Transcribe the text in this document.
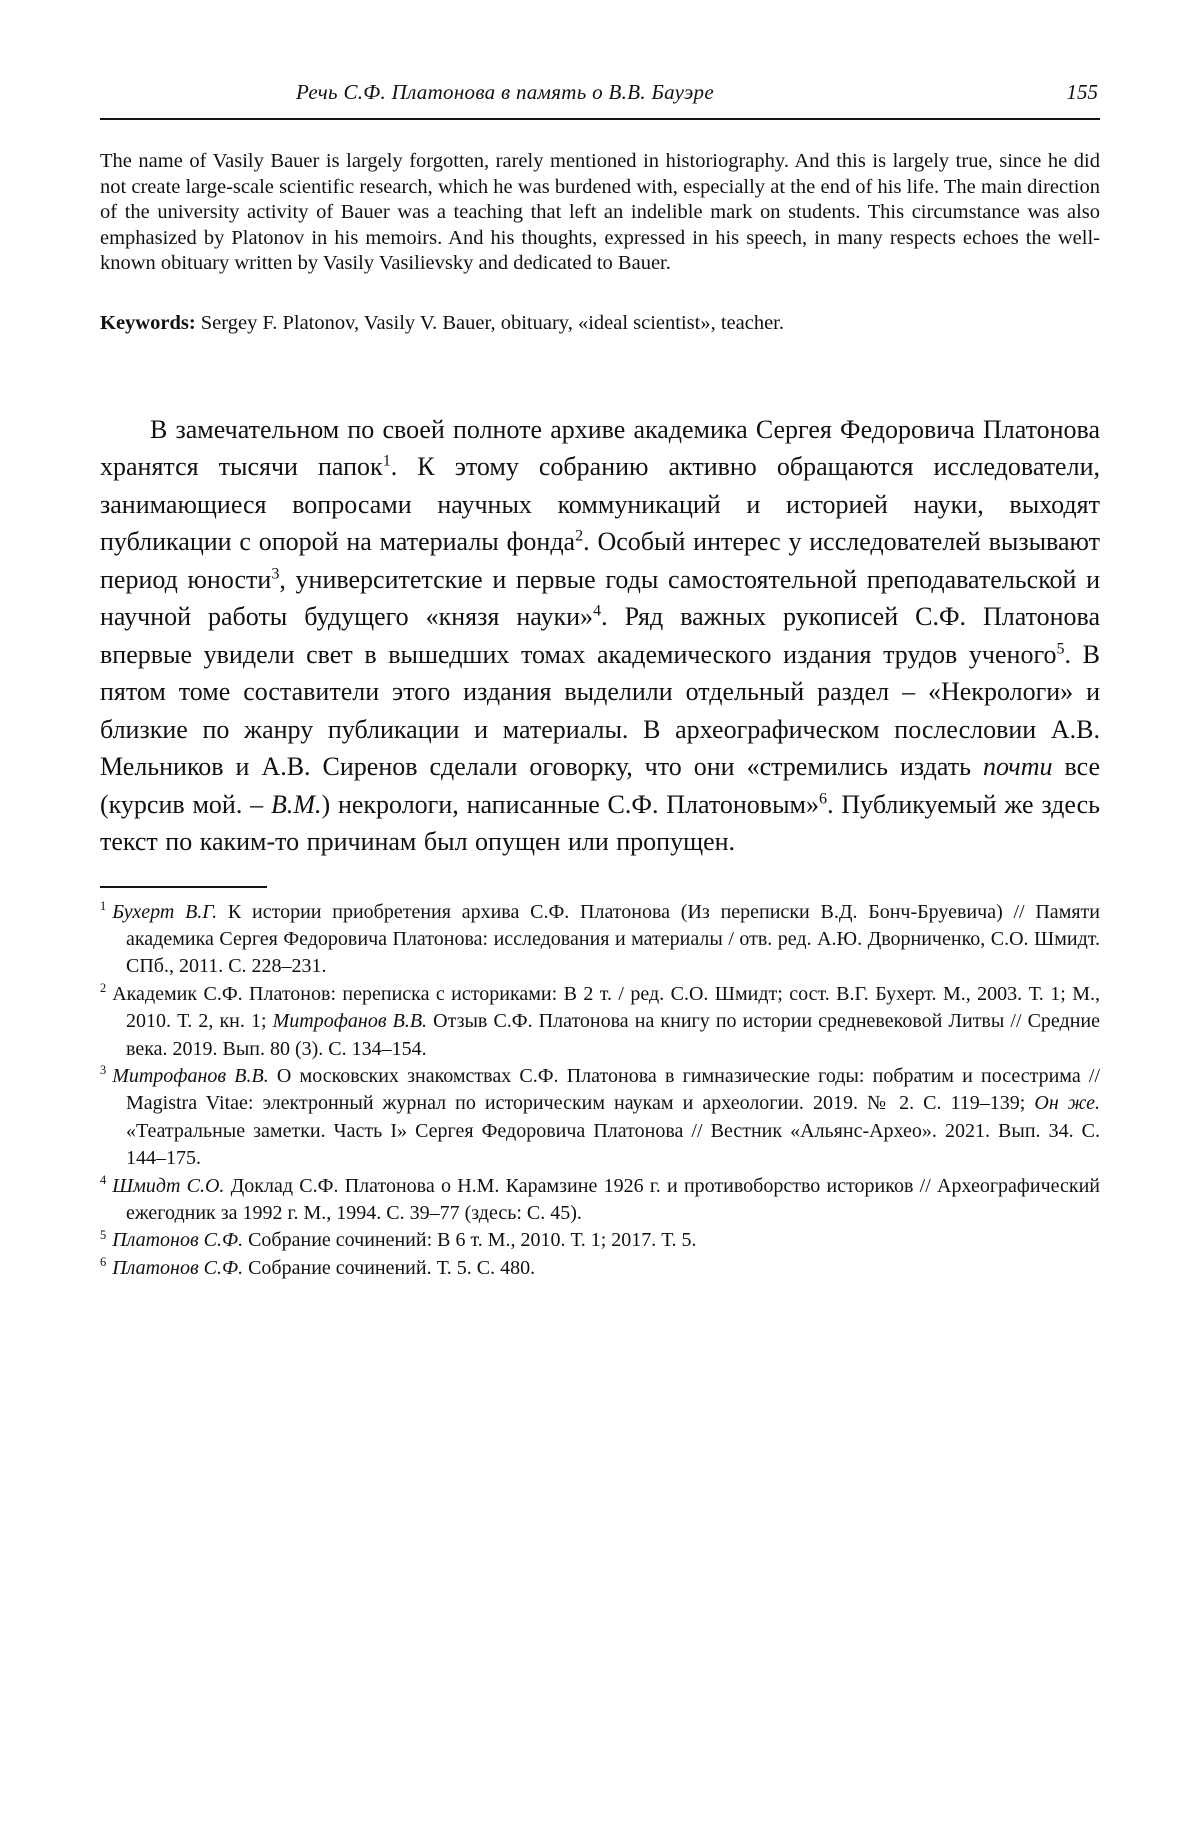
Речь С.Ф. Платонова в память о В.В. Бауэре	155

The name of Vasily Bauer is largely forgotten, rarely mentioned in historiography. And this is largely true, since he did not create large-scale scientific research, which he was burdened with, especially at the end of his life. The main direction of the university activity of Bauer was a teaching that left an indelible mark on students. This circumstance was also emphasized by Platonov in his memoirs. And his thoughts, expressed in his speech, in many respects echoes the well-known obituary written by Vasily Vasilievsky and dedicated to Bauer.

Keywords: Sergey F. Platonov, Vasily V. Bauer, obituary, «ideal scientist», teacher.

В замечательном по своей полноте архиве академика Сергея Федоровича Платонова хранятся тысячи папок$^1$. К этому собранию активно обращаются исследователи, занимающиеся вопросами научных коммуникаций и историей науки, выходят публикации с опорой на материалы фонда$^2$. Особый интерес у исследователей вызывают период юности$^3$, университетские и первые годы самостоятельной преподавательской и научной работы будущего «князя науки»$^4$. Ряд важных рукописей С.Ф. Платонова впервые увидели свет в вышедших томах академического издания трудов ученого$^5$. В пятом томе составители этого издания выделили отдельный раздел – «Некрологи» и близкие по жанру публикации и материалы. В археографическом послесловии А.В. Мельников и А.В. Сиренов сделали оговорку, что они «стремились издать почти все (курсив мой. – В.М.) некрологи, написанные С.Ф. Платоновым»$^6$. Публикуемый же здесь текст по каким-то причинам был опущен или пропущен.

$^1$ Бухерт В.Г. К истории приобретения архива С.Ф. Платонова (Из переписки В.Д. Бонч-Бруевича) // Памяти академика Сергея Федоровича Платонова: исследования и материалы / отв. ред. А.Ю. Дворниченко, С.О. Шмидт. СПб., 2011. С. 228–231.
$^2$ Академик С.Ф. Платонов: переписка с историками: В 2 т. / ред. С.О. Шмидт; сост. В.Г. Бухерт. М., 2003. Т. 1; М., 2010. Т. 2, кн. 1; Митрофанов В.В. Отзыв С.Ф. Платонова на книгу по истории средневековой Литвы // Средние века. 2019. Вып. 80 (3). С. 134–154.
$^3$ Митрофанов В.В. О московских знакомствах С.Ф. Платонова в гимназические годы: побратим и посестрима // Magistra Vitae: электронный журнал по историческим наукам и археологии. 2019. № 2. С. 119–139; Он же. «Театральные заметки. Часть I» Сергея Федоровича Платонова // Вестник «Альянс-Архео». 2021. Вып. 34. С. 144–175.
$^4$ Шмидт С.О. Доклад С.Ф. Платонова о Н.М. Карамзине 1926 г. и противоборство историков // Археографический ежегодник за 1992 г. М., 1994. С. 39–77 (здесь: С. 45).
$^5$ Платонов С.Ф. Собрание сочинений: В 6 т. М., 2010. Т. 1; 2017. Т. 5.
$^6$ Платонов С.Ф. Собрание сочинений. Т. 5. С. 480.
